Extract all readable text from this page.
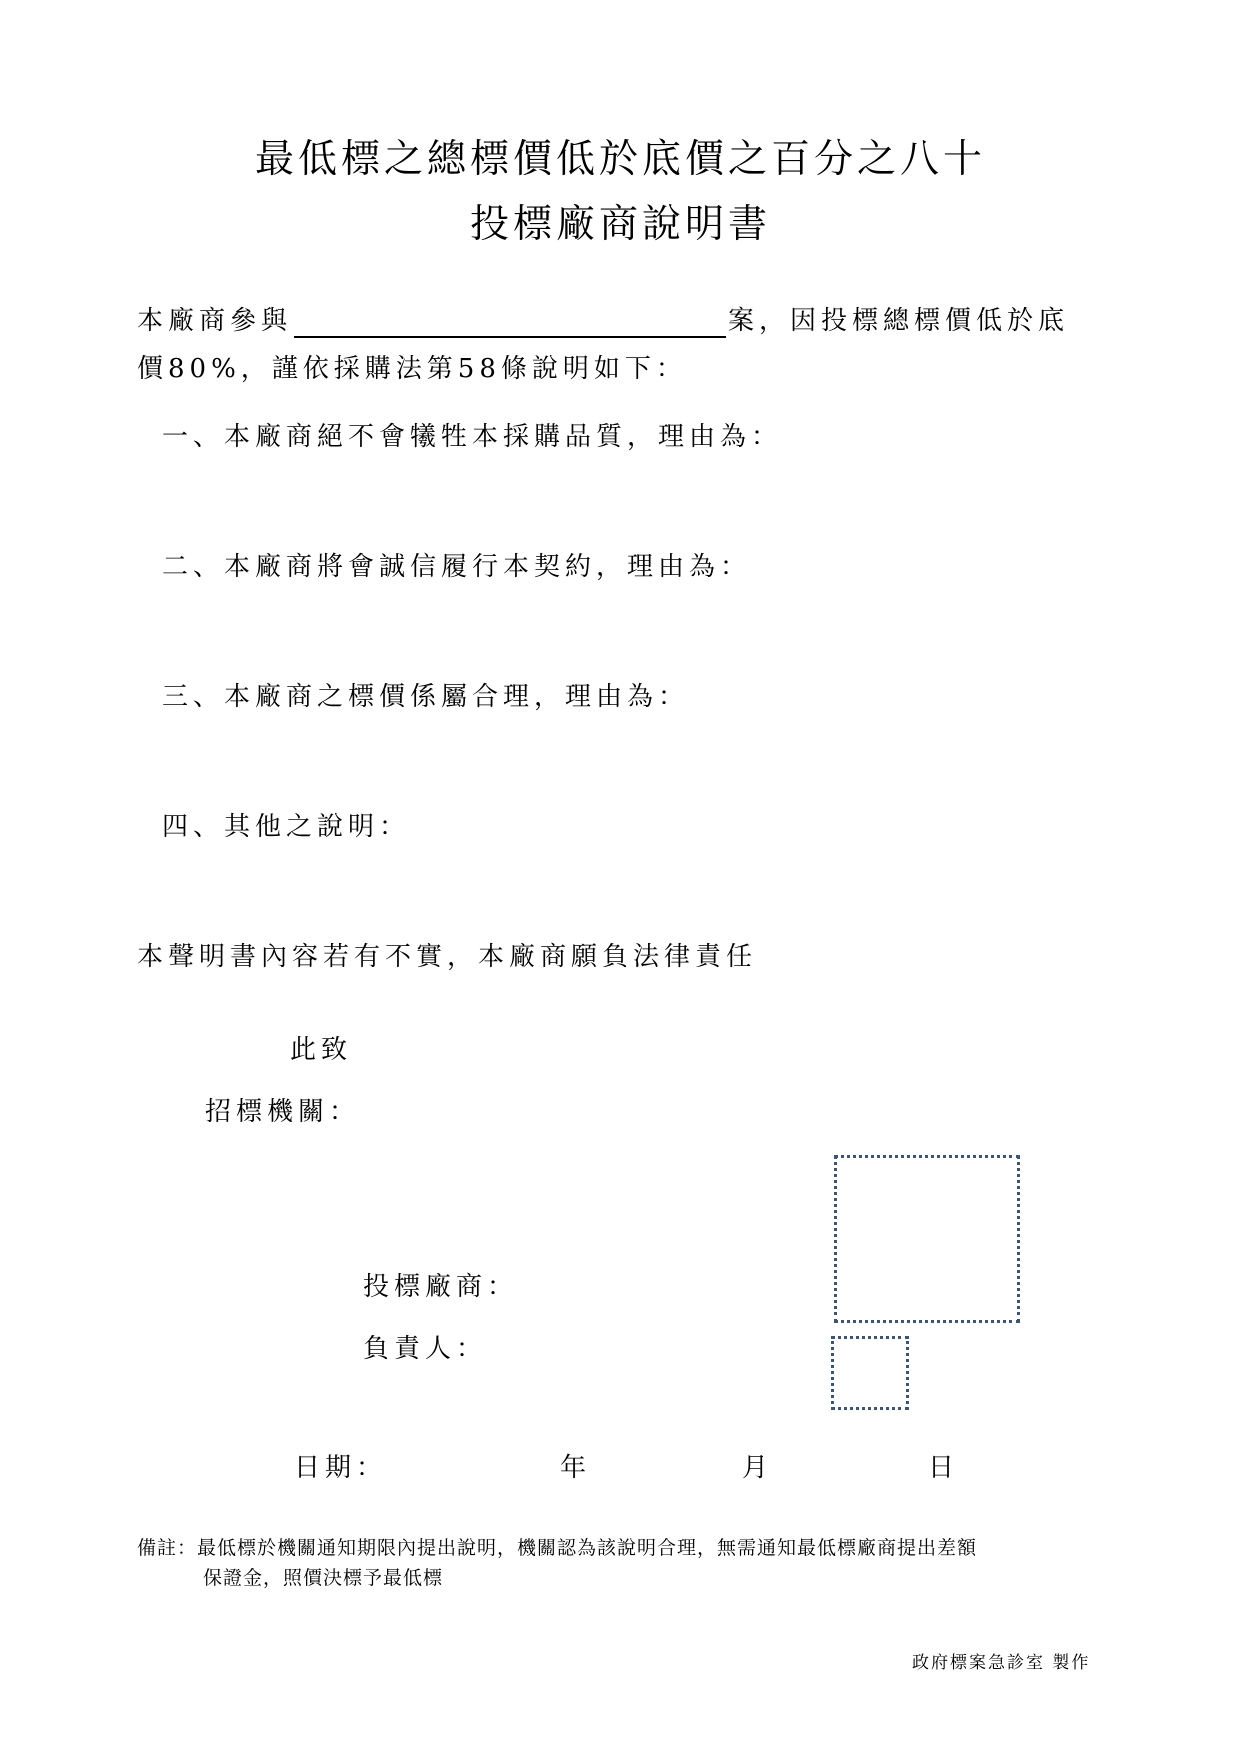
最低標之總標價低於底價之百分之八十
投標廠商說明書
本廠商參與	案，因投標總標價低於底
價80%，謹依採購法第58條說明如下：
一、本廠商絕不會犧牲本採購品質，理由為：
二、本廠商將會誠信履行本契約，理由為：
三、本廠商之標價係屬合理，理由為：
四、其他之說明：
本聲明書內容若有不實，本廠商願負法律責任
此致
招標機關：
投標廠商：
負責人：
日期：	年	月	日
備註：最低標於機關通知期限內提出說明，機關認為該說明合理，無需通知最低標廠商提出差額
保證金，照價決標予最低標
政府標案急診室 製作
